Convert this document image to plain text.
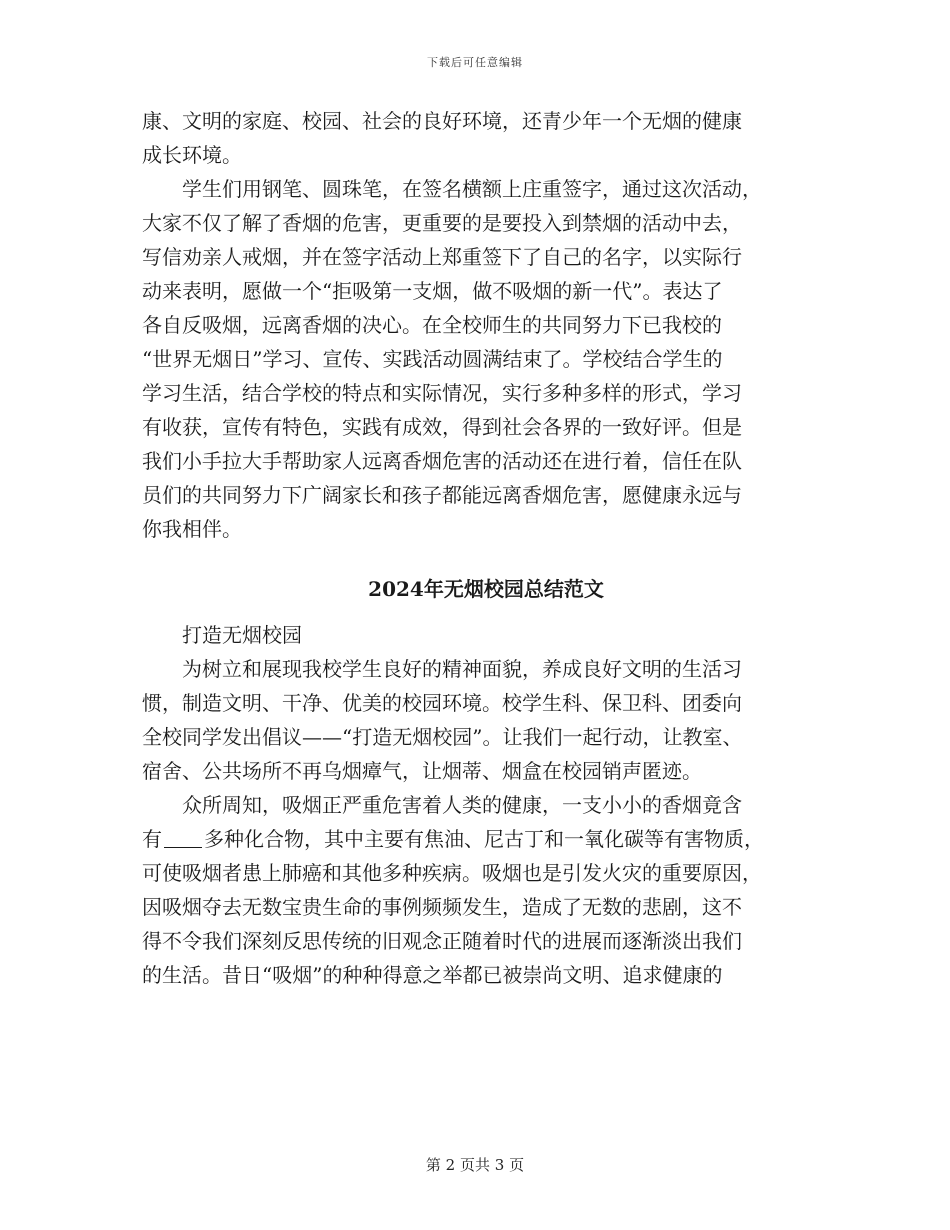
下载后可任意编辑
康、文明的家庭、校园、社会的良好环境，还青少年一个无烟的健康
成长环境。
　　学生们用钢笔、圆珠笔，在签名横额上庄重签字，通过这次活动，
大家不仅了解了香烟的危害，更重要的是要投入到禁烟的活动中去，
写信劝亲人戒烟，并在签字活动上郑重签下了自己的名字，以实际行
动来表明，愿做一个“拒吸第一支烟，做不吸烟的新一代”。表达了
各自反吸烟，远离香烟的决心。在全校师生的共同努力下已我校的
“世界无烟日”学习、宣传、实践活动圆满结束了。学校结合学生的
学习生活，结合学校的特点和实际情况，实行多种多样的形式，学习
有收获，宣传有特色，实践有成效，得到社会各界的一致好评。但是
我们小手拉大手帮助家人远离香烟危害的活动还在进行着，信任在队
员们的共同努力下广阔家长和孩子都能远离香烟危害，愿健康永远与
你我相伴。
2024年无烟校园总结范文
　　打造无烟校园
　　为树立和展现我校学生良好的精神面貌，养成良好文明的生活习
惯，制造文明、干净、优美的校园环境。校学生科、保卫科、团委向
全校同学发出倡议——“打造无烟校园”。让我们一起行动，让教室、
宿舍、公共场所不再乌烟瘴气，让烟蒂、烟盒在校园销声匿迹。
　　众所周知，吸烟正严重危害着人类的健康，一支小小的香烟竟含
有 多种化合物，其中主要有焦油、尼古丁和一氧化碳等有害物质，
可使吸烟者患上肺癌和其他多种疾病。吸烟也是引发火灾的重要原因，
因吸烟夺去无数宝贵生命的事例频频发生，造成了无数的悲剧，这不
得不令我们深刻反思传统的旧观念正随着时代的进展而逐渐淡出我们
的生活。昔日“吸烟”的种种得意之举都已被崇尚文明、追求健康的
第 2 页共 3 页
